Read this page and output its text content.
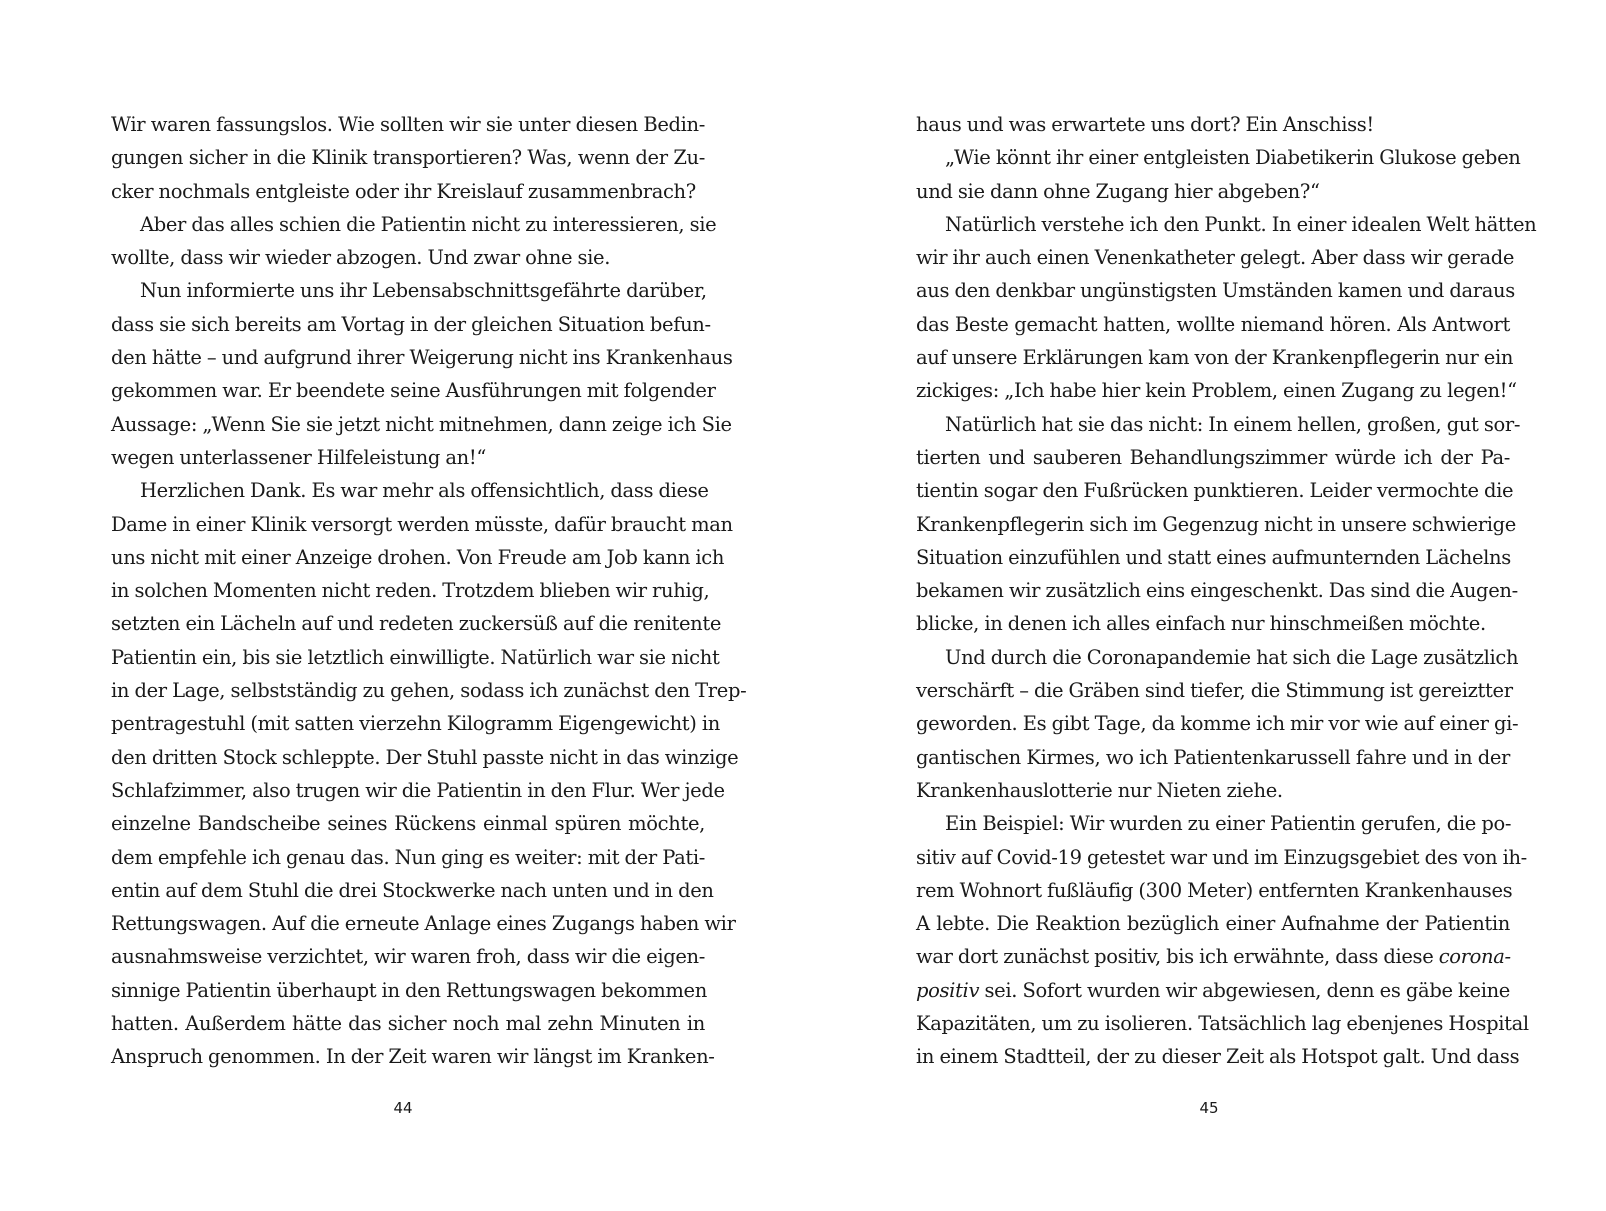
Wir waren fassungslos. Wie sollten wir sie unter diesen Bedin-
gungen sicher in die Klinik transportieren? Was, wenn der Zu-
cker nochmals entgleiste oder ihr Kreislauf zusammenbrach?
Aber das alles schien die Patientin nicht zu interessieren, sie
wollte, dass wir wieder abzogen. Und zwar ohne sie.
Nun informierte uns ihr Lebensabschnittsgefährte darüber,
dass sie sich bereits am Vortag in der gleichen Situation befun-
den hätte – und aufgrund ihrer Weigerung nicht ins Krankenhaus
gekommen war. Er beendete seine Ausführungen mit folgender
Aussage: „Wenn Sie sie jetzt nicht mitnehmen, dann zeige ich Sie
wegen unterlassener Hilfeleistung an!“
Herzlichen Dank. Es war mehr als offensichtlich, dass diese
Dame in einer Klinik versorgt werden müsste, dafür braucht man
uns nicht mit einer Anzeige drohen. Von Freude am Job kann ich
in solchen Momenten nicht reden. Trotzdem blieben wir ruhig,
setzten ein Lächeln auf und redeten zuckersüß auf die renitente
Patientin ein, bis sie letztlich einwilligte. Natürlich war sie nicht
in der Lage, selbstständig zu gehen, sodass ich zunächst den Trep-
pentragestuhl (mit satten vierzehn Kilogramm Eigengewicht) in
den dritten Stock schleppte. Der Stuhl passte nicht in das winzige
Schlafzimmer, also trugen wir die Patientin in den Flur. Wer jede
einzelne Bandscheibe seines Rückens einmal spüren möchte,
dem empfehle ich genau das. Nun ging es weiter: mit der Pati-
entin auf dem Stuhl die drei Stockwerke nach unten und in den
Rettungswagen. Auf die erneute Anlage eines Zugangs haben wir
ausnahmsweise verzichtet, wir waren froh, dass wir die eigen-
sinnige Patientin überhaupt in den Rettungswagen bekommen
hatten. Außerdem hätte das sicher noch mal zehn Minuten in
Anspruch genommen. In der Zeit waren wir längst im Kranken-
44
haus und was erwartete uns dort? Ein Anschiss!
„Wie könnt ihr einer entgleisten Diabetikerin Glukose geben
und sie dann ohne Zugang hier abgeben?“
Natürlich verstehe ich den Punkt. In einer idealen Welt hätten
wir ihr auch einen Venenkatheter gelegt. Aber dass wir gerade
aus den denkbar ungünstigsten Umständen kamen und daraus
das Beste gemacht hatten, wollte niemand hören. Als Antwort
auf unsere Erklärungen kam von der Krankenpflegerin nur ein
zickiges: „Ich habe hier kein Problem, einen Zugang zu legen!“
Natürlich hat sie das nicht: In einem hellen, großen, gut sor-
tierten und sauberen Behandlungszimmer würde ich der Pa-
tientin sogar den Fußrücken punktieren. Leider vermochte die
Krankenpflegerin sich im Gegenzug nicht in unsere schwierige
Situation einzufühlen und statt eines aufmunternden Lächelns
bekamen wir zusätzlich eins eingeschenkt. Das sind die Augen-
blicke, in denen ich alles einfach nur hinschmeißen möchte.
Und durch die Coronapandemie hat sich die Lage zusätzlich
verschärft – die Gräben sind tiefer, die Stimmung ist gereiztter
geworden. Es gibt Tage, da komme ich mir vor wie auf einer gi-
gantischen Kirmes, wo ich Patientenkarussell fahre und in der
Krankenhauslotterie nur Nieten ziehe.
Ein Beispiel: Wir wurden zu einer Patientin gerufen, die po-
sitiv auf Covid-19 getestet war und im Einzugsgebiet des von ih-
rem Wohnort fußläufig (300 Meter) entfernten Krankenhauses
A lebte. Die Reaktion bezüglich einer Aufnahme der Patientin
war dort zunächst positiv, bis ich erwähnte, dass diese corona-
positiv sei. Sofort wurden wir abgewiesen, denn es gäbe keine
Kapazitäten, um zu isolieren. Tatsächlich lag ebenjenes Hospital
in einem Stadtteil, der zu dieser Zeit als Hotspot galt. Und dass
45
